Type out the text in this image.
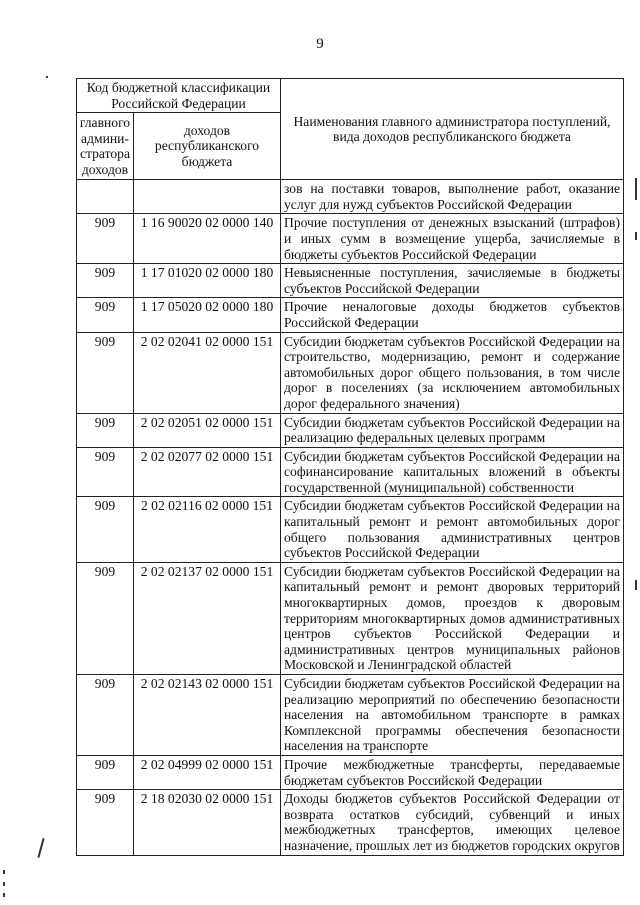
9
Код бюджетной классификации Российской Федерации		Наименования главного администратора поступлений, вида доходов республиканского бюджета
главного админи-стратора доходов	доходов республиканского бюджета	
		зов на поставки товаров, выполнение работ, оказание услуг для нужд субъектов Российской Федерации
909	1 16 90020 02 0000 140	Прочие поступления от денежных взысканий (штрафов) и иных сумм в возмещение ущерба, зачисляемые в бюджеты субъектов Российской Федерации
909	1 17 01020 02 0000 180	Невыясненные поступления, зачисляемые в бюджеты субъектов Российской Федерации
909	1 17 05020 02 0000 180	Прочие неналоговые доходы бюджетов субъектов Российской Федерации
909	2 02 02041 02 0000 151	Субсидии бюджетам субъектов Российской Федерации на строительство, модернизацию, ремонт и содержание автомобильных дорог общего пользования, в том числе дорог в поселениях (за исключением автомобильных дорог федерального значения)
909	2 02 02051 02 0000 151	Субсидии бюджетам субъектов Российской Федерации на реализацию федеральных целевых программ
909	2 02 02077 02 0000 151	Субсидии бюджетам субъектов Российской Федерации на софинансирование капитальных вложений в объекты государственной (муниципальной) собственности
909	2 02 02116 02 0000 151	Субсидии бюджетам субъектов Российской Федерации на капитальный ремонт и ремонт автомобильных дорог общего пользования административных центров субъектов Российской Федерации
909	2 02 02137 02 0000 151	Субсидии бюджетам субъектов Российской Федерации на капитальный ремонт и ремонт дворовых территорий многоквартирных домов, проездов к дворовым территориям многоквартирных домов административных центров субъектов Российской Федерации и административных центров муниципальных районов Московской и Ленинградской областей
909	2 02 02143 02 0000 151	Субсидии бюджетам субъектов Российской Федерации на реализацию мероприятий по обеспечению безопасности населения на автомобильном транспорте в рамках Комплексной программы обеспечения безопасности населения на транспорте
909	2 02 04999 02 0000 151	Прочие межбюджетные трансферты, передаваемые бюджетам субъектов Российской Федерации
909	2 18 02030 02 0000 151	Доходы бюджетов субъектов Российской Федерации от возврата остатков субсидий, субвенций и иных межбюджетных трансфертов, имеющих целевое назначение, прошлых лет из бюджетов городских округов
